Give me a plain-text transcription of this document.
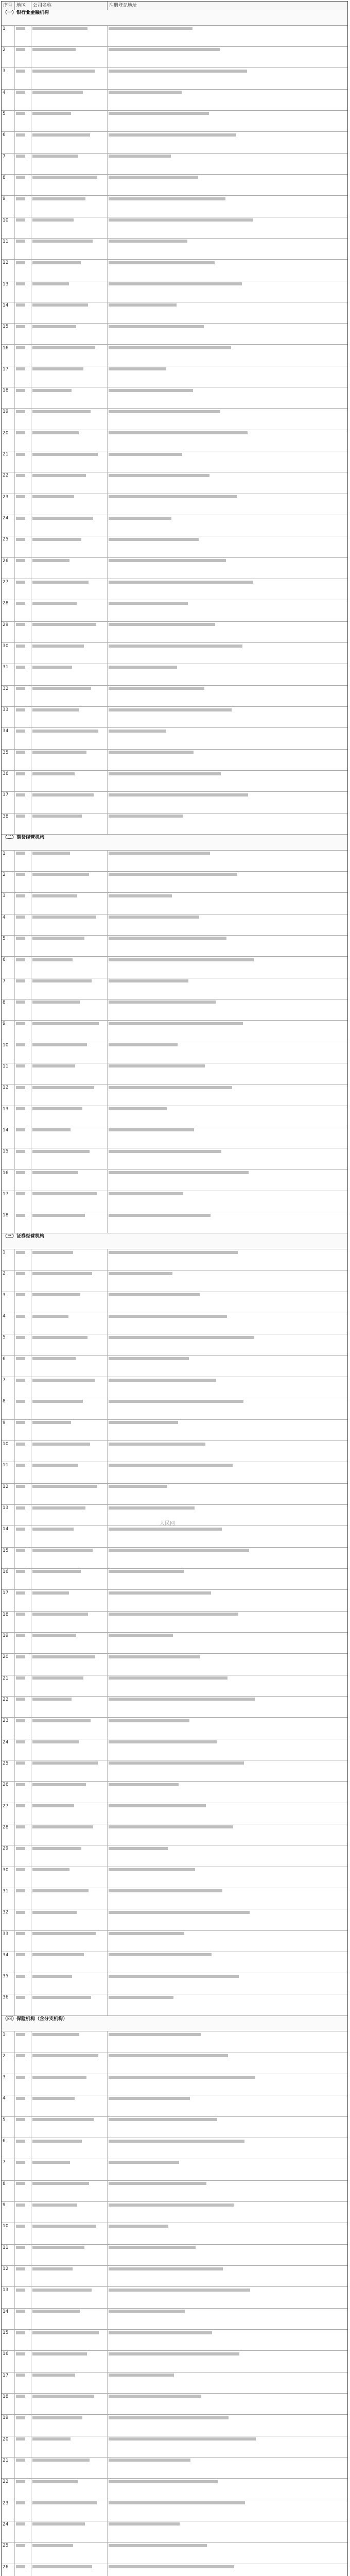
序号 地区	公司名称	注册登记地址
（一）银行业金融机构
1
2
3
4
5
6
7
8
9
10
11
12
13
14
15
16
17
18
19
20
21
22
23
24
25
26
27
28
29
30
31
32
33
34
35
36
37
38
（二）期货经营机构
1
2
3
4
5
6
7
8
9
10
11
12
13
14
15
16
17
18
（三）证券经营机构
1
2
3
4
5
6
7
8
9
10
11
12
13
14
15
16
17
18
19
20
21
22
23
24
25
26
27
28
29
30
31
32
33
34
35
36
（四）保险机构（含分支机构）
1
2
3
4
5
6
7
8
9
10
11
12
13
14
15
16
17
18
19
20
21
22
23
24
25
26
人民网
